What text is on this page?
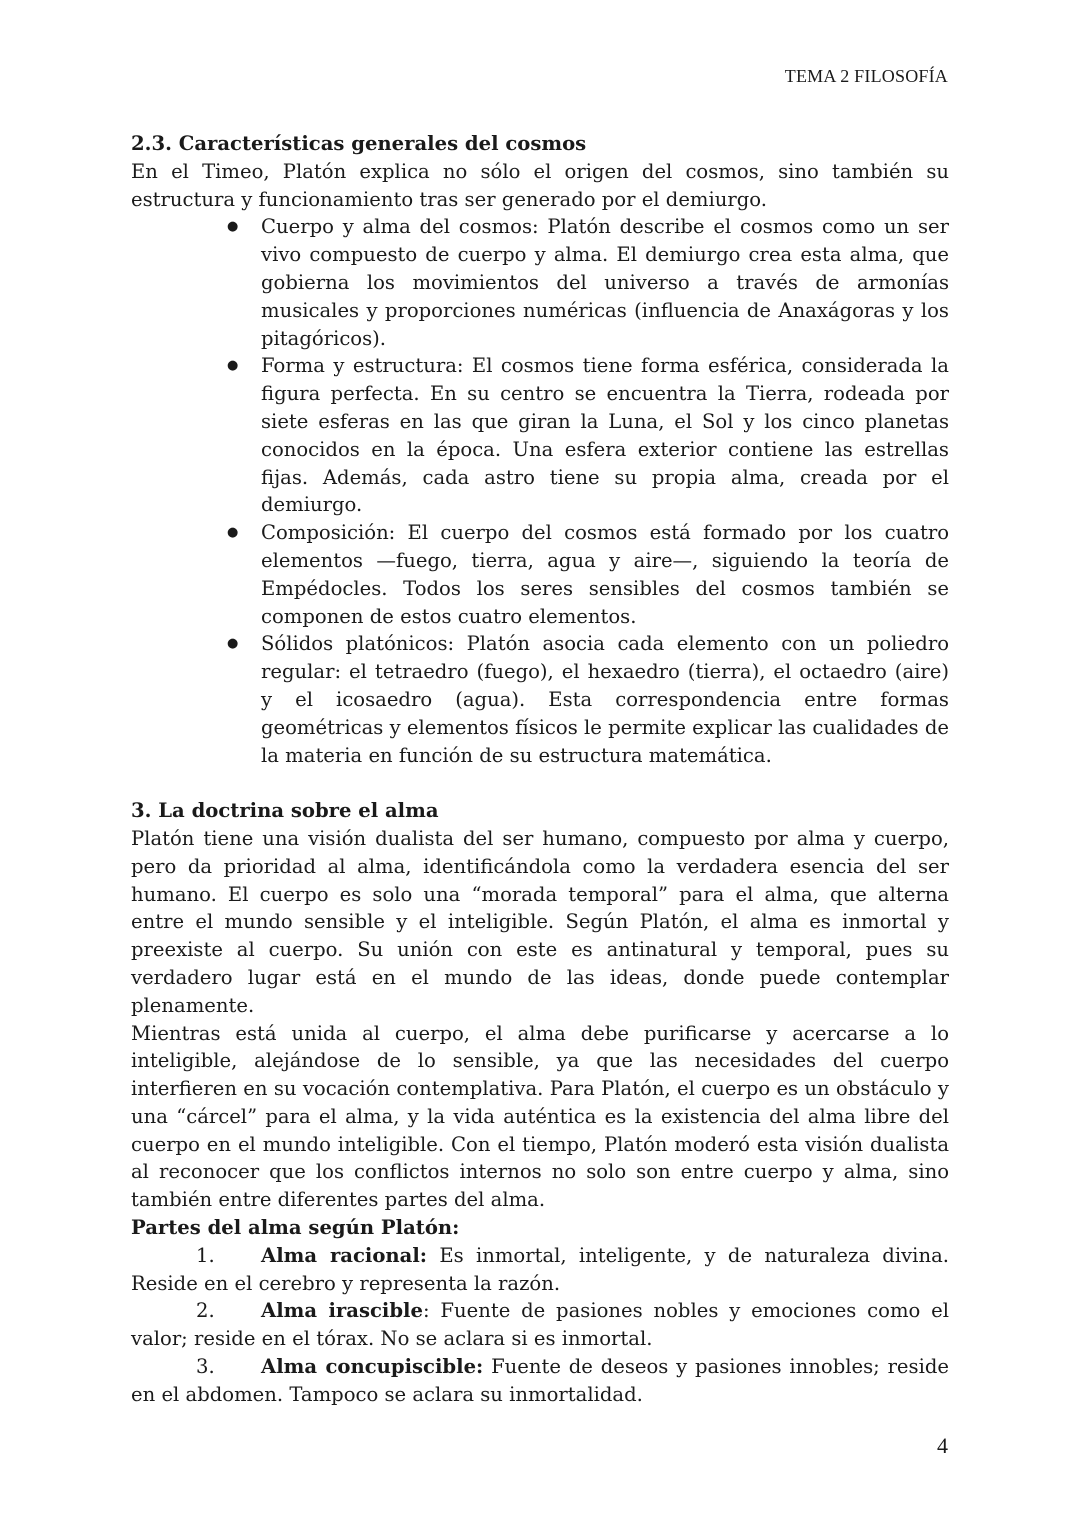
TEMA 2 FILOSOFÍA

2.3. Características generales del cosmos

En el Timeo, Platón explica no sólo el origen del cosmos, sino también su estructura y funcionamiento tras ser generado por el demiurgo.

● Cuerpo y alma del cosmos: Platón describe el cosmos como un ser vivo compuesto de cuerpo y alma. El demiurgo crea esta alma, que gobierna los movimientos del universo a través de armonías musicales y proporciones numéricas (influencia de Anaxágoras y los pitagóricos).
● Forma y estructura: El cosmos tiene forma esférica, considerada la figura perfecta. En su centro se encuentra la Tierra, rodeada por siete esferas en las que giran la Luna, el Sol y los cinco planetas conocidos en la época. Una esfera exterior contiene las estrellas fijas. Además, cada astro tiene su propia alma, creada por el demiurgo.
● Composición: El cuerpo del cosmos está formado por los cuatro elementos —fuego, tierra, agua y aire—, siguiendo la teoría de Empédocles. Todos los seres sensibles del cosmos también se componen de estos cuatro elementos.
● Sólidos platónicos: Platón asocia cada elemento con un poliedro regular: el tetraedro (fuego), el hexaedro (tierra), el octaedro (aire) y el icosaedro (agua). Esta correspondencia entre formas geométricas y elementos físicos le permite explicar las cualidades de la materia en función de su estructura matemática.

3. La doctrina sobre el alma

Platón tiene una visión dualista del ser humano, compuesto por alma y cuerpo, pero da prioridad al alma, identificándola como la verdadera esencia del ser humano. El cuerpo es solo una “morada temporal” para el alma, que alterna entre el mundo sensible y el inteligible. Según Platón, el alma es inmortal y preexiste al cuerpo. Su unión con este es antinatural y temporal, pues su verdadero lugar está en el mundo de las ideas, donde puede contemplar plenamente.

Mientras está unida al cuerpo, el alma debe purificarse y acercarse a lo inteligible, alejándose de lo sensible, ya que las necesidades del cuerpo interfieren en su vocación contemplativa. Para Platón, el cuerpo es un obstáculo y una “cárcel” para el alma, y la vida auténtica es la existencia del alma libre del cuerpo en el mundo inteligible. Con el tiempo, Platón moderó esta visión dualista al reconocer que los conflictos internos no solo son entre cuerpo y alma, sino también entre diferentes partes del alma.

Partes del alma según Platón:

1. Alma racional: Es inmortal, inteligente, y de naturaleza divina. Reside en el cerebro y representa la razón.

2. Alma irascible: Fuente de pasiones nobles y emociones como el valor; reside en el tórax. No se aclara si es inmortal.

3. Alma concupiscible: Fuente de deseos y pasiones innobles; reside en el abdomen. Tampoco se aclara su inmortalidad.

4
